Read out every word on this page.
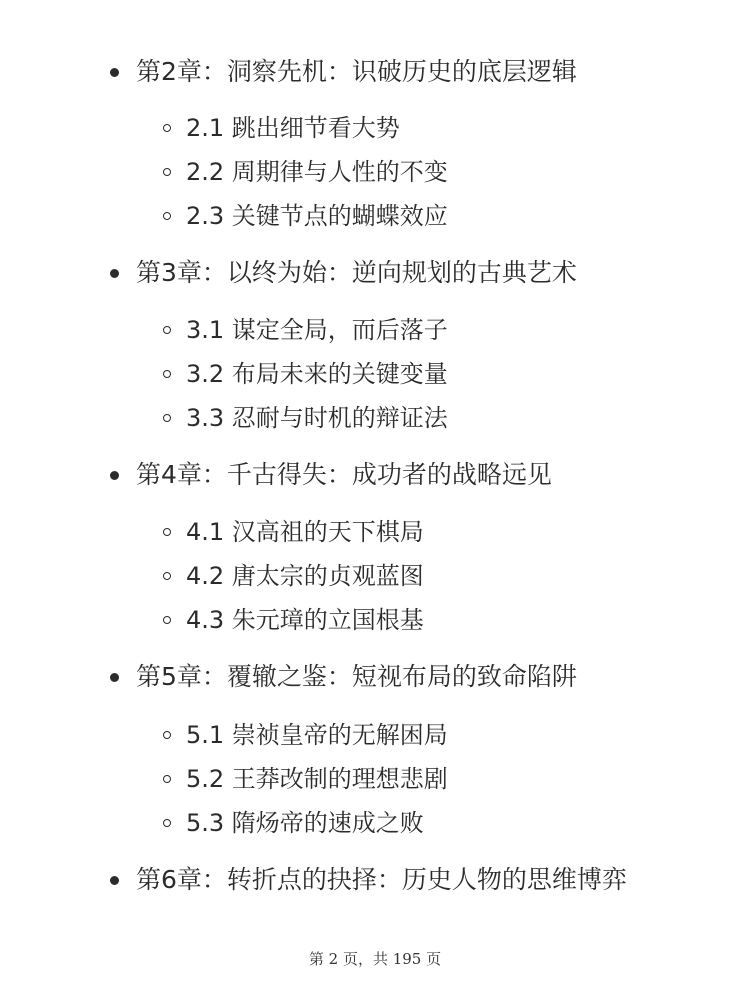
第2章：洞察先机：识破历史的底层逻辑
2.1 跳出细节看大势
2.2 周期律与人性的不变
2.3 关键节点的蝴蝶效应
第3章：以终为始：逆向规划的古典艺术
3.1 谋定全局，而后落子
3.2 布局未来的关键变量
3.3 忍耐与时机的辩证法
第4章：千古得失：成功者的战略远见
4.1 汉高祖的天下棋局
4.2 唐太宗的贞观蓝图
4.3 朱元璋的立国根基
第5章：覆辙之鉴：短视布局的致命陷阱
5.1 崇祯皇帝的无解困局
5.2 王莽改制的理想悲剧
5.3 隋炀帝的速成之败
第6章：转折点的抉择：历史人物的思维博弈
第 2 页，共 195 页
